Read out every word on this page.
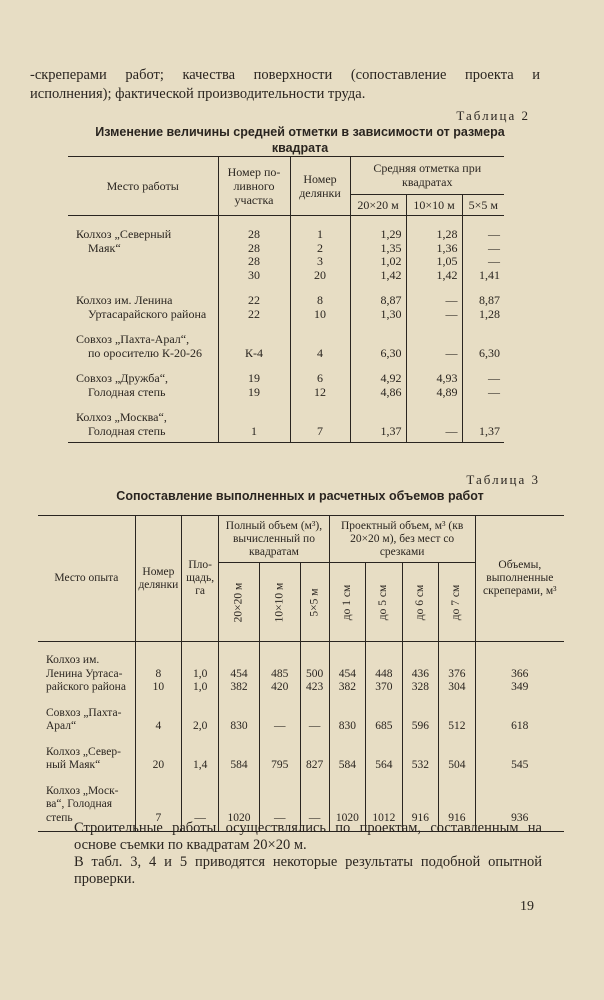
-скреперами работ; качества поверхности (сопоставление проекта и
исполнения); фактической производительности труда.
Таблица 2
Изменение величины средней отметки в зависимости от размера квадрата
Место работы	Номер по-ливного участка	Номер делянки	Средняя отметка при квадратах		
			20×20 м	10×10 м	5×5 м

Колхоз „Северный	28	1	1,29	1,28	—
Маяк“	28	2	1,35	1,36	—
	28	3	1,02	1,05	—
	30	20	1,42	1,42	1,41

Колхоз им. Ленина	22	8	8,87	—	8,87
Уртасарайского района	22	10	1,30	—	1,28

Совхоз „Пахта-Арал“,					
по оросителю К-20-26	К-4	4	6,30	—	6,30

Совхоз „Дружба“,	19	6	4,92	4,93	—
Голодная степь	19	12	4,86	4,89	—

Колхоз „Москва“,					
Голодная степь	1	7	1,37	—	1,37
Таблица 3
Сопоставление выполненных и расчетных объемов работ
Место опыта	Номер делянки	Пло-щадь, га	Полный объем (м³), вычисленный по квадратам			Проектный объем, м³ (кв 20×20 м), без мест со срезками				Объемы, выполненные скреперами, м³
			20×20 м	10×10 м	5×5 м	до 1 см	до 5 см	до 6 см	до 7 см	

Колхоз им.										
Ленина Уртаса-	8	1,0	454	485	500	454	448	436	376	366
райского района	10	1,0	382	420	423	382	370	328	304	349

Совхоз „Пахта-										
Арал“	4	2,0	830	—	—	830	685	596	512	618

Колхоз „Север-										
ный Маяк“	20	1,4	584	795	827	584	564	532	504	545

Колхоз „Моск-										
ва“, Голодная										
степь	7	—	1020	—	—	1020	1012	916	916	936

Строительные работы осуществлялись по проектам, составленным на основе съемки по квадратам 20×20 м.

В табл. 3, 4 и 5 приводятся некоторые результаты подобной опытной проверки.

19
